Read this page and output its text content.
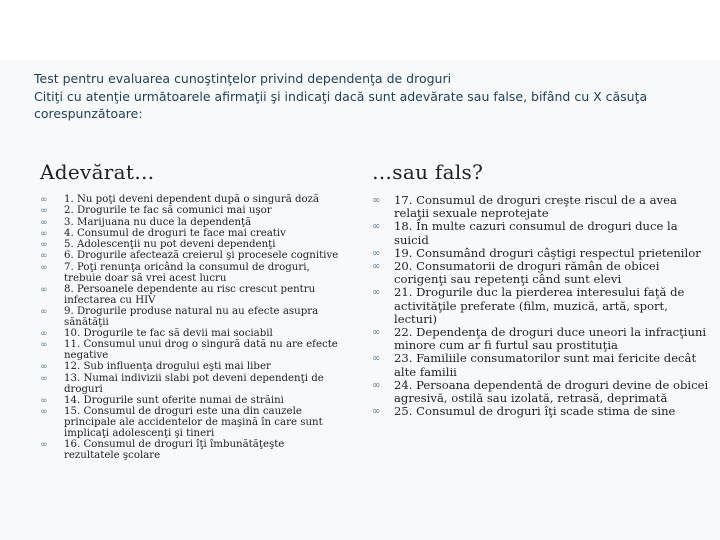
Test pentru evaluarea cunoştinţelor privind dependenţa de droguri

Citiţi cu atenţie următoarele afirmaţii şi indicaţi dacă sunt adevărate sau false, bifând cu X căsuţa corespunzătoare:

Adevărat…	…sau fals?
∞ 1. Nu poţi deveni dependent după o singură doză
∞ 2. Drogurile te fac să comunici mai uşor
∞ 3. Marijuana nu duce la dependenţă
∞ 4. Consumul de droguri te face mai creativ
∞ 5. Adolescenţii nu pot deveni dependenţi
∞ 6. Drogurile afectează creierul şi procesele cognitive
∞ 7. Poţi renunţa oricând la consumul de droguri, trebuie doar să vrei acest lucru
∞ 8. Persoanele dependente au risc crescut pentru infectarea cu HIV
∞ 9. Drogurile produse natural nu au efecte asupra sănătăţii
∞ 10. Drogurile te fac să devii mai sociabil
∞ 11. Consumul unui drog o singură dată nu are efecte negative
∞ 12. Sub influenţa drogului eşti mai liber
∞ 13. Numai indivizii slabi pot deveni dependenţi de droguri
∞ 14. Drogurile sunt oferite numai de străini
∞ 15. Consumul de droguri este una din cauzele principale ale accidentelor de maşină în care sunt implicaţi adolescenţi şi tineri
∞ 16. Consumul de droguri îţi îmbunătăţeşte rezultatele şcolare
∞ 17. Consumul de droguri creşte riscul de a avea relaţii sexuale neprotejate
∞ 18. În multe cazuri consumul de droguri duce la suicid
∞ 19. Consumând droguri câştigi respectul prietenilor
∞ 20. Consumatorii de droguri rămân de obicei corigenţi sau repetenţi când sunt elevi
∞ 21. Drogurile duc la pierderea interesului faţă de activităţile preferate (film, muzică, artă, sport, lecturi)
∞ 22. Dependenţa de droguri duce uneori la infracţiuni minore cum ar fi furtul sau prostituţia
∞ 23. Familiile consumatorilor sunt mai fericite decât alte familii
∞ 24. Persoana dependentă de droguri devine de obicei agresivă, ostilă sau izolată, retrasă, deprimată
∞ 25. Consumul de droguri îţi scade stima de sine
